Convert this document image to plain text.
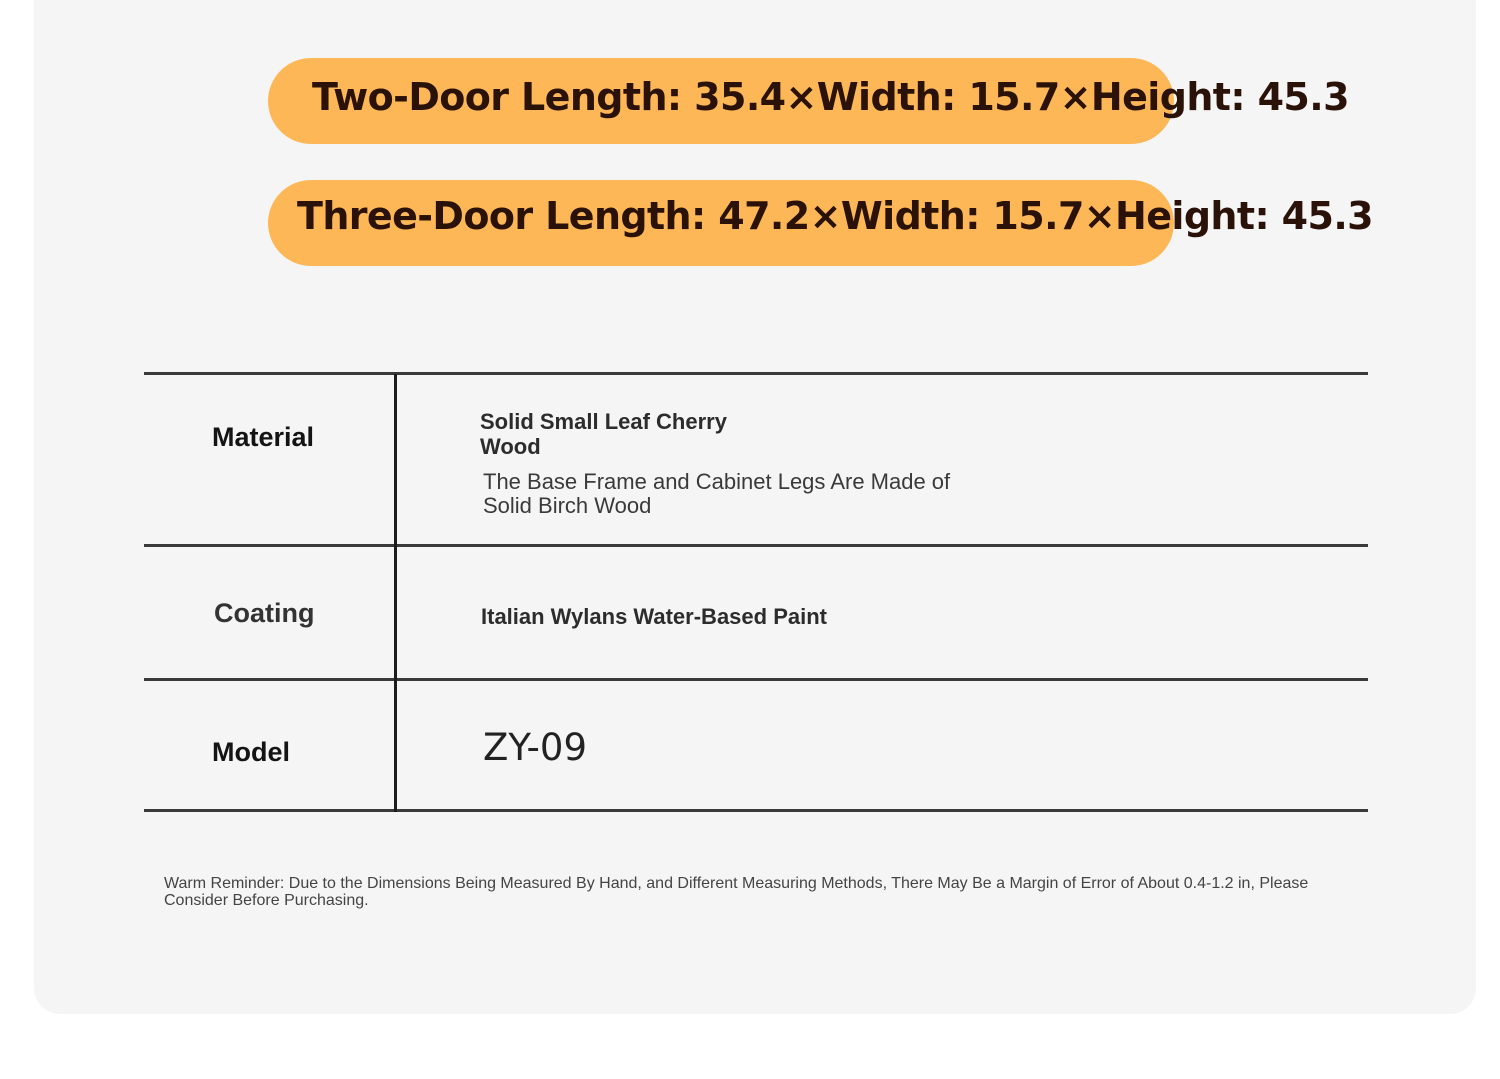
Two-Door Length: 35.4×Width: 15.7×Height: 45.3
Three-Door Length: 47.2×Width: 15.7×Height: 45.3
Material
Solid Small Leaf Cherry Wood
The Base Frame and Cabinet Legs Are Made of Solid Birch Wood
Coating	Italian Wylans Water-Based Paint
Model	ZY-09
Warm Reminder: Due to the Dimensions Being Measured By Hand, and Different Measuring Methods, There May Be a Margin of Error of About 0.4-1.2 in, Please Consider Before Purchasing.
